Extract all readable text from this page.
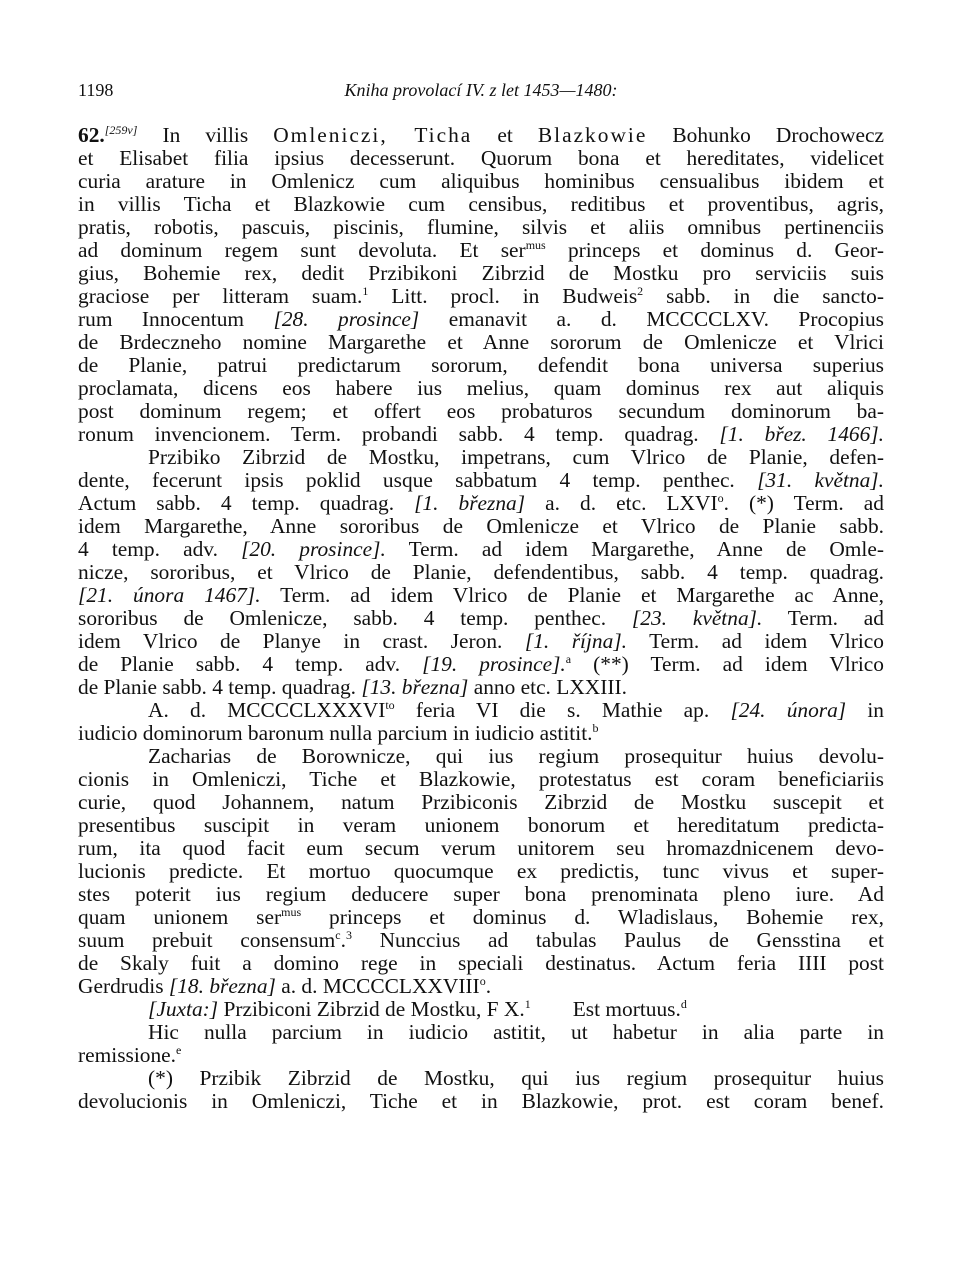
1198	Kniha provolací IV. z let 1453—1480:
62.[259v] In villis Omleniczi, Ticha et Blazkowie Bohunko Drochowecz
et Elisabet filia ipsius decesserunt. Quorum bona et hereditates, videlicet
curia arature in Omlenicz cum aliquibus hominibus censualibus ibidem et
in villis Ticha et Blazkowie cum censibus, reditibus et proventibus, agris,
pratis, robotis, pascuis, piscinis, flumine, silvis et aliis omnibus pertinenciis
ad dominum regem sunt devoluta. Et ser$^{mus}$ princeps et dominus d. Geor-
gius, Bohemie rex, dedit Przibikoni Zibrzid de Mostku pro serviciis suis
graciose per litteram suam.$^1$ Litt. procl. in Budweis$^2$ sabb. in die sancto-
rum Innocentum [28. prosince] emanavit a. d. MCCCCLXV. Procopius
de Brdeczneho nomine Margarethe et Anne sororum de Omlenicze et Vlrici
de Planie, patrui predictarum sororum, defendit bona universa superius
proclamata, dicens eos habere ius melius, quam dominus rex aut aliquis
post dominum regem; et offert eos probaturos secundum dominorum ba-
ronum invencionem. Term. probandi sabb. 4 temp. quadrag. [1. břez. 1466].
Przibiko Zibrzid de Mostku, impetrans, cum Vlrico de Planie, defen-
dente, fecerunt ipsis poklid usque sabbatum 4 temp. penthec. [31. května].
Actum sabb. 4 temp. quadrag. [1. března] a. d. etc. LXVI$^o$. (*) Term. ad
idem Margarethe, Anne sororibus de Omlenicze et Vlrico de Planie sabb.
4 temp. adv. [20. prosince]. Term. ad idem Margarethe, Anne de Omle-
nicze, sororibus, et Vlrico de Planie, defendentibus, sabb. 4 temp. quadrag.
[21. února 1467]. Term. ad idem Vlrico de Planie et Margarethe ac Anne,
sororibus de Omlenicze, sabb. 4 temp. penthec. [23. května]. Term. ad
idem Vlrico de Planye in crast. Jeron. [1. října]. Term. ad idem Vlrico
de Planie sabb. 4 temp. adv. [19. prosince].$^a$ (**) Term. ad idem Vlrico
de Planie sabb. 4 temp. quadrag. [13. března] anno etc. LXXIII.
A. d. $MCCCCLXXXVI^{to}$ feria VI die s. Mathie ap. [24. února] in
iudicio dominorum baronum nulla parcium in iudicio astitit.$^b$
Zacharias de Borownicze, qui ius regium prosequitur huius devolu-
cionis in Omleniczi, Tiche et Blazkowie, protestatus est coram beneficiariis
curie, quod Johannem, natum Przibiconis Zibrzid de Mostku suscepit et
presentibus suscipit in veram unionem bonorum et hereditatum predicta-
rum, ita quod facit eum secum verum unitorem seu hromazdnicenem devo-
lucionis predicte. Et mortuo quocumque ex predictis, tunc vivus et super-
stes poterit ius regium deducere super bona prenominata pleno iure. Ad
quam unionem ser$^{mus}$ princeps et dominus d. Wladislaus, Bohemie rex,
suum prebuit consensum$^c$.$^3$ Nunccius ad tabulas Paulus de Gensstina et
de Skaly fuit a domino rege in speciali destinatus. Actum feria IIII post
Gerdrudis [18. března] a. d. MCCCCLXXVIII$^o$.
[Juxta:] Przibiconi Zibrzid de Mostku, F X.$^1$ Est mortuus.$^d$
Hic nulla parcium in iudicio astitit, ut habetur in alia parte in
remissione.$^e$
(*) Przibik Zibrzid de Mostku, qui ius regium prosequitur huius
devolucionis in Omleniczi, Tiche et in Blazkowie, prot. est coram benef.
